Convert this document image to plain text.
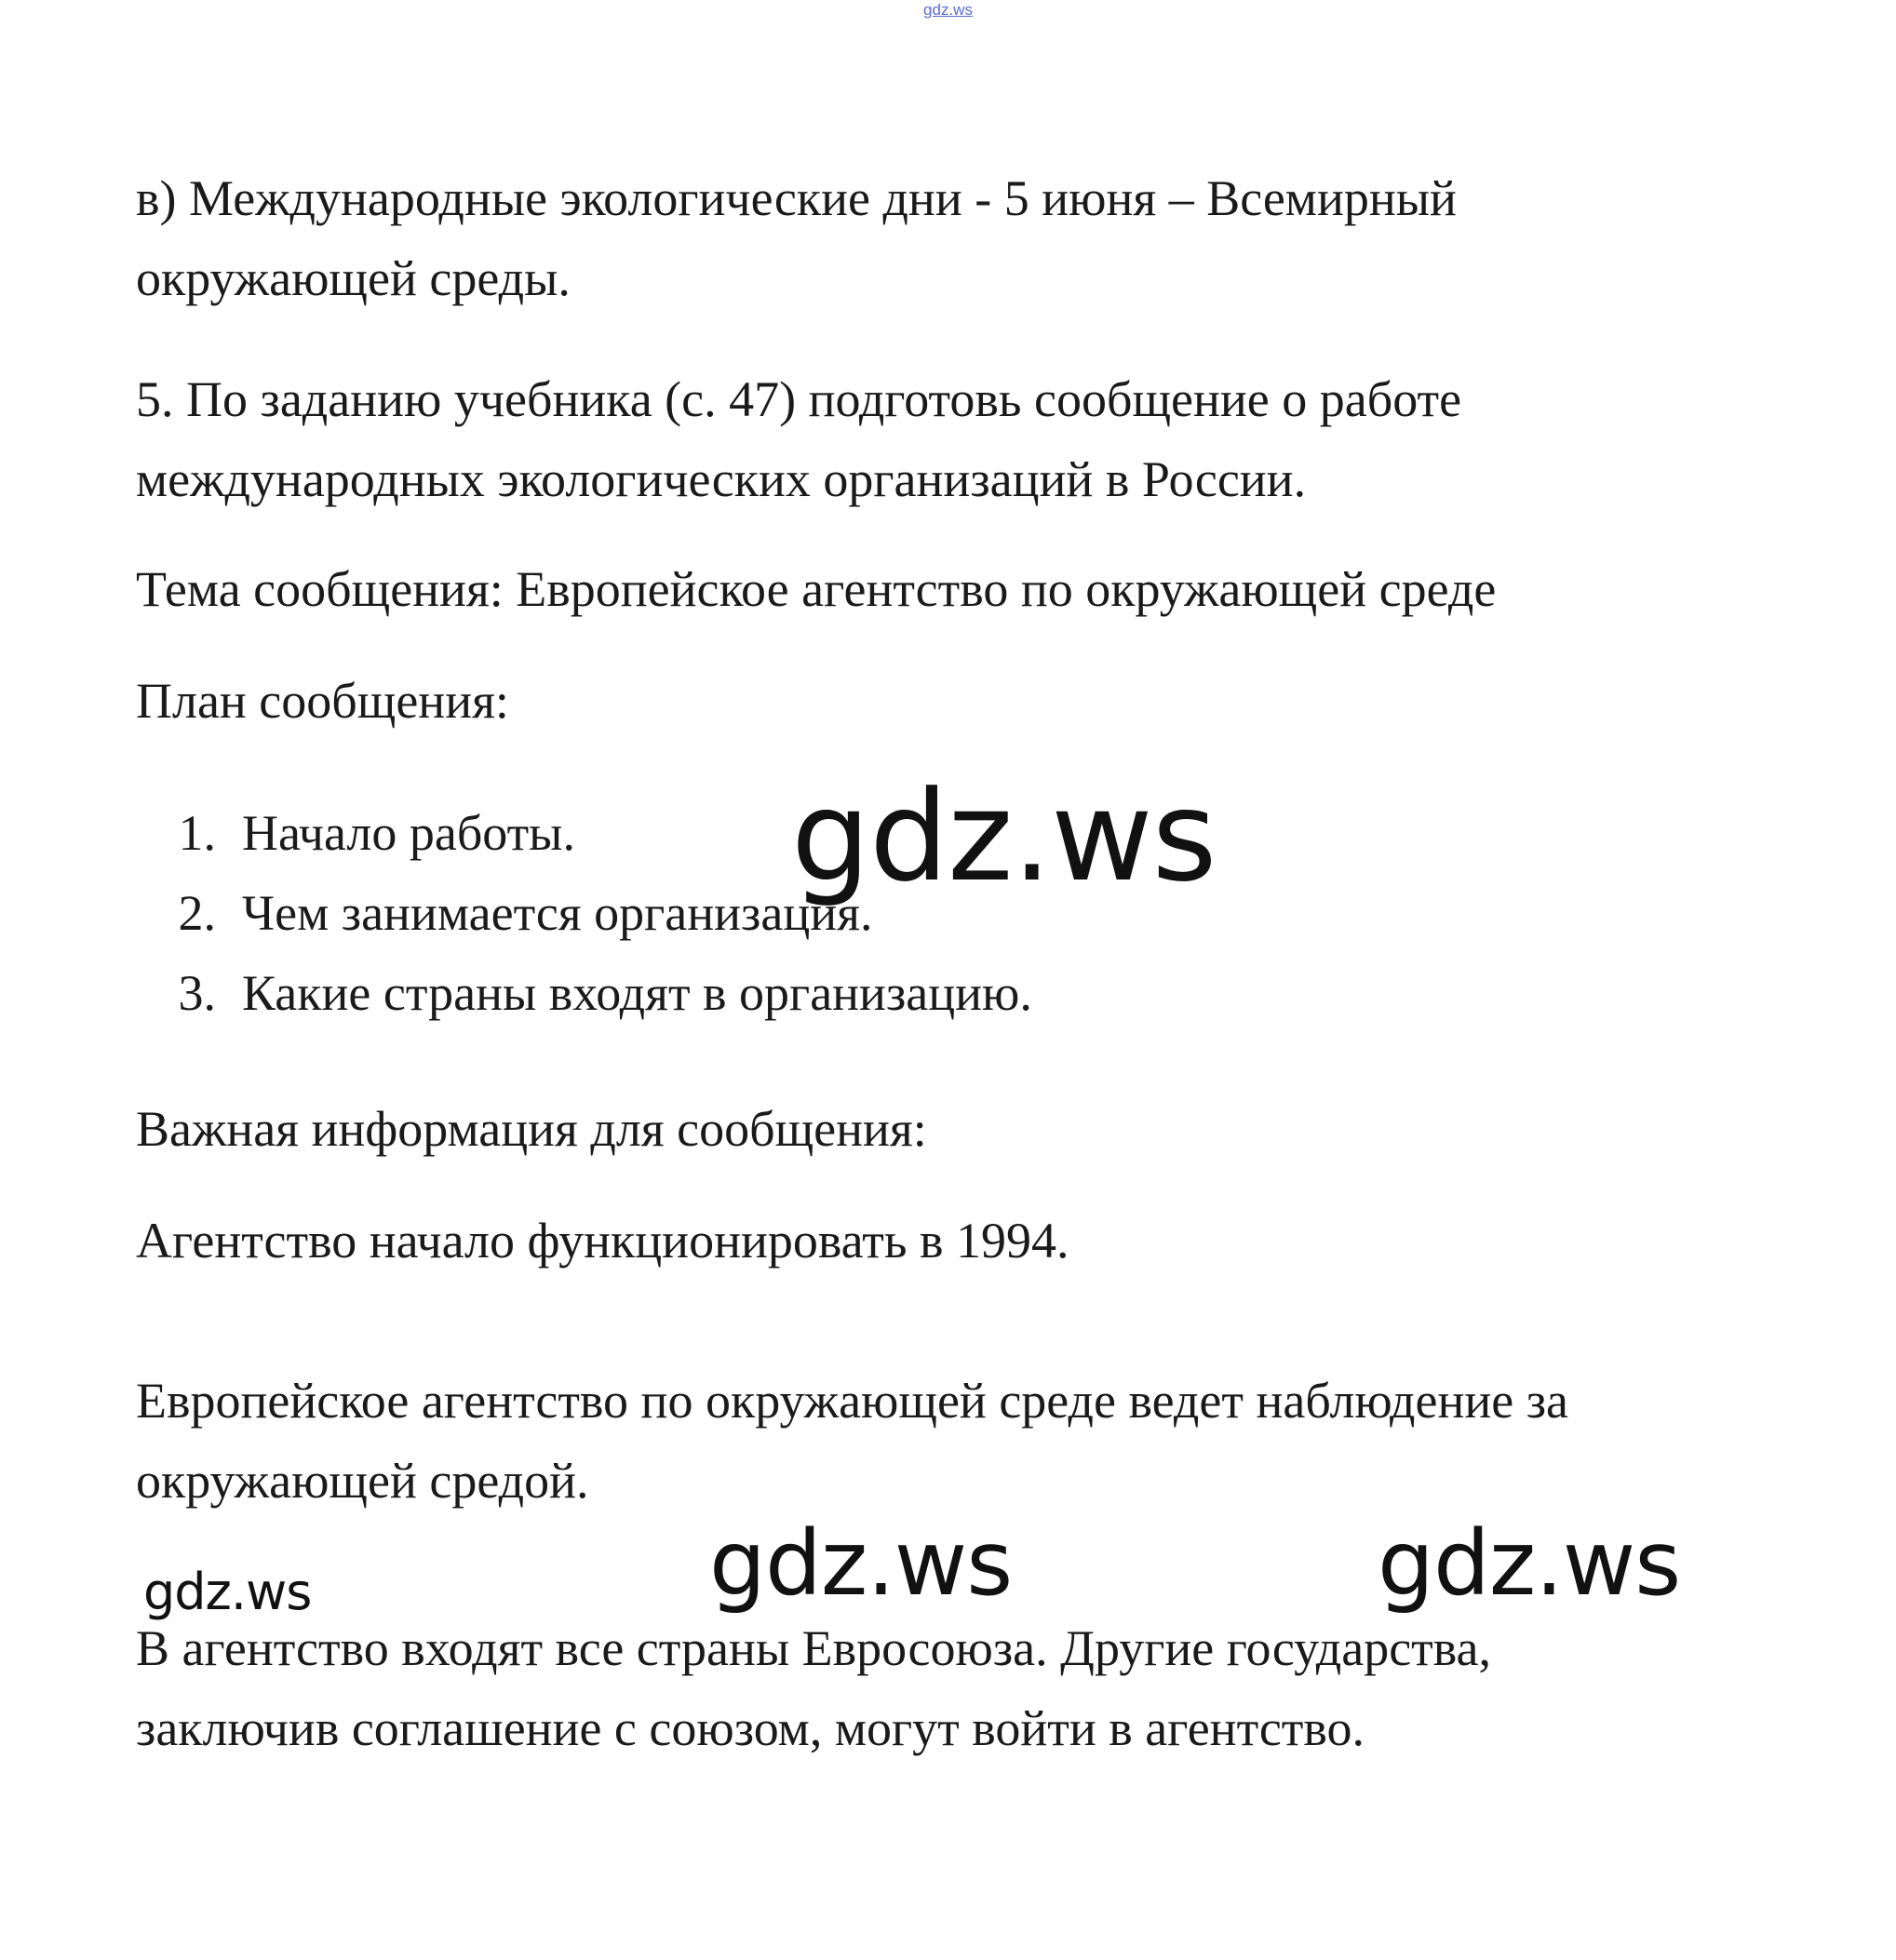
gdz.ws

в) Международные экологические дни - 5 июня – Всемирный

окружающей среды.

5. По заданию учебника (с. 47) подготовь сообщение о работе

международных экологических организаций в России.

Тема сообщения: Европейское агентство по окружающей среде

План сообщения:

1. Начало работы.
2. Чем занимается организация.
3. Какие страны входят в организацию.

Важная информация для сообщения:

Агентство начало функционировать в 1994.

Европейское агентство по окружающей среде ведет наблюдение за

окружающей средой.

В агентство входят все страны Евросоюза. Другие государства,

заключив соглашение с союзом, могут войти в агентство.

gdz.ws
gdz.ws	gdz.ws
gdz.ws
